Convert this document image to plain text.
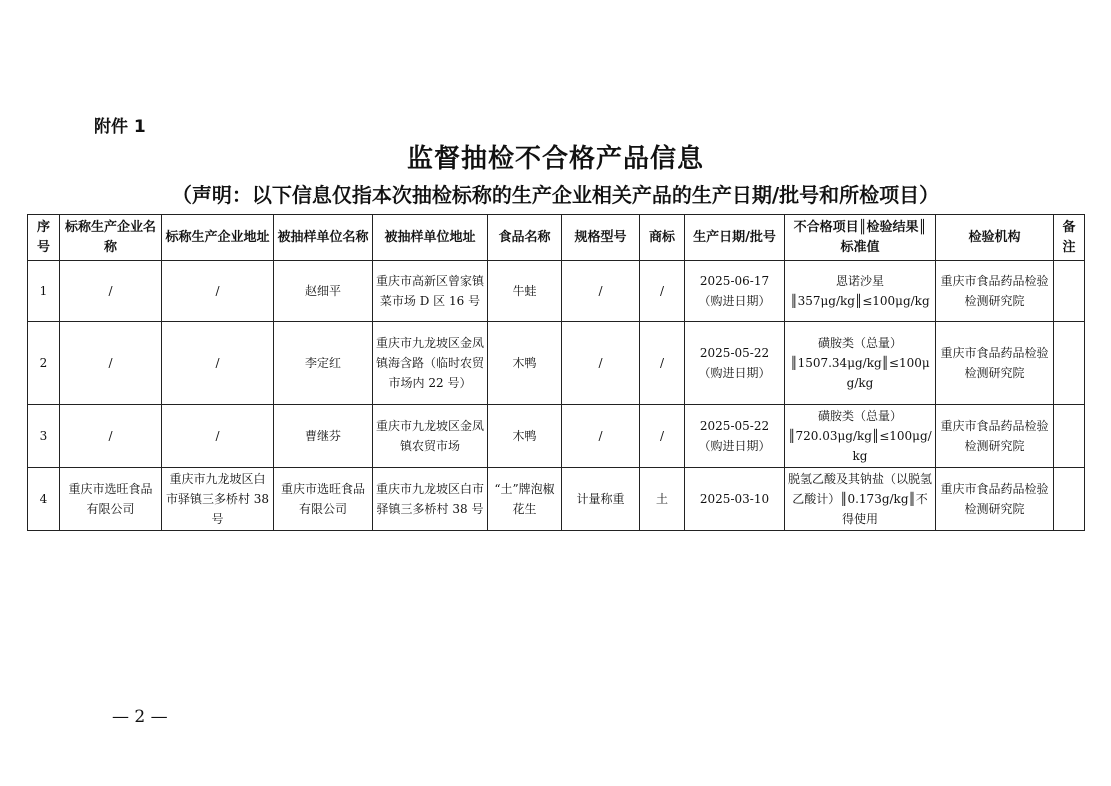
附件 1
监督抽检不合格产品信息
（声明：以下信息仅指本次抽检标称的生产企业相关产品的生产日期/批号和所检项目）
序号	标称生产企业名称	标称生产企业地址	被抽样单位名称	被抽样单位地址	食品名称	规格型号	商标	生产日期/批号	不合格项目║检验结果║标准值	检验机构	备注
1	/	/	赵细平	重庆市高新区曾家镇菜市场 D 区 16 号	牛蛙	/	/	2025-06-17（购进日期）	恩诺沙星║357μg/kg║≤100μg/kg	重庆市食品药品检验检测研究院	
2	/	/	李定红	重庆市九龙坡区金凤镇海含路（临时农贸市场内 22 号）	木鸭	/	/	2025-05-22（购进日期）	磺胺类（总量）║1507.34μg/kg║≤100μg/kg	重庆市食品药品检验检测研究院	
3	/	/	曹继芬	重庆市九龙坡区金凤镇农贸市场	木鸭	/	/	2025-05-22（购进日期）	磺胺类（总量）║720.03μg/kg║≤100μg/kg	重庆市食品药品检验检测研究院	
4	重庆市选旺食品有限公司	重庆市九龙坡区白市驿镇三多桥村 38 号	重庆市选旺食品有限公司	重庆市九龙坡区白市驿镇三多桥村 38 号	“土”牌泡椒花生	计量称重	土	2025-03-10	脱氢乙酸及其钠盐（以脱氢乙酸计）║0.173g/kg║不得使用	重庆市食品药品检验检测研究院	
— 2 —
